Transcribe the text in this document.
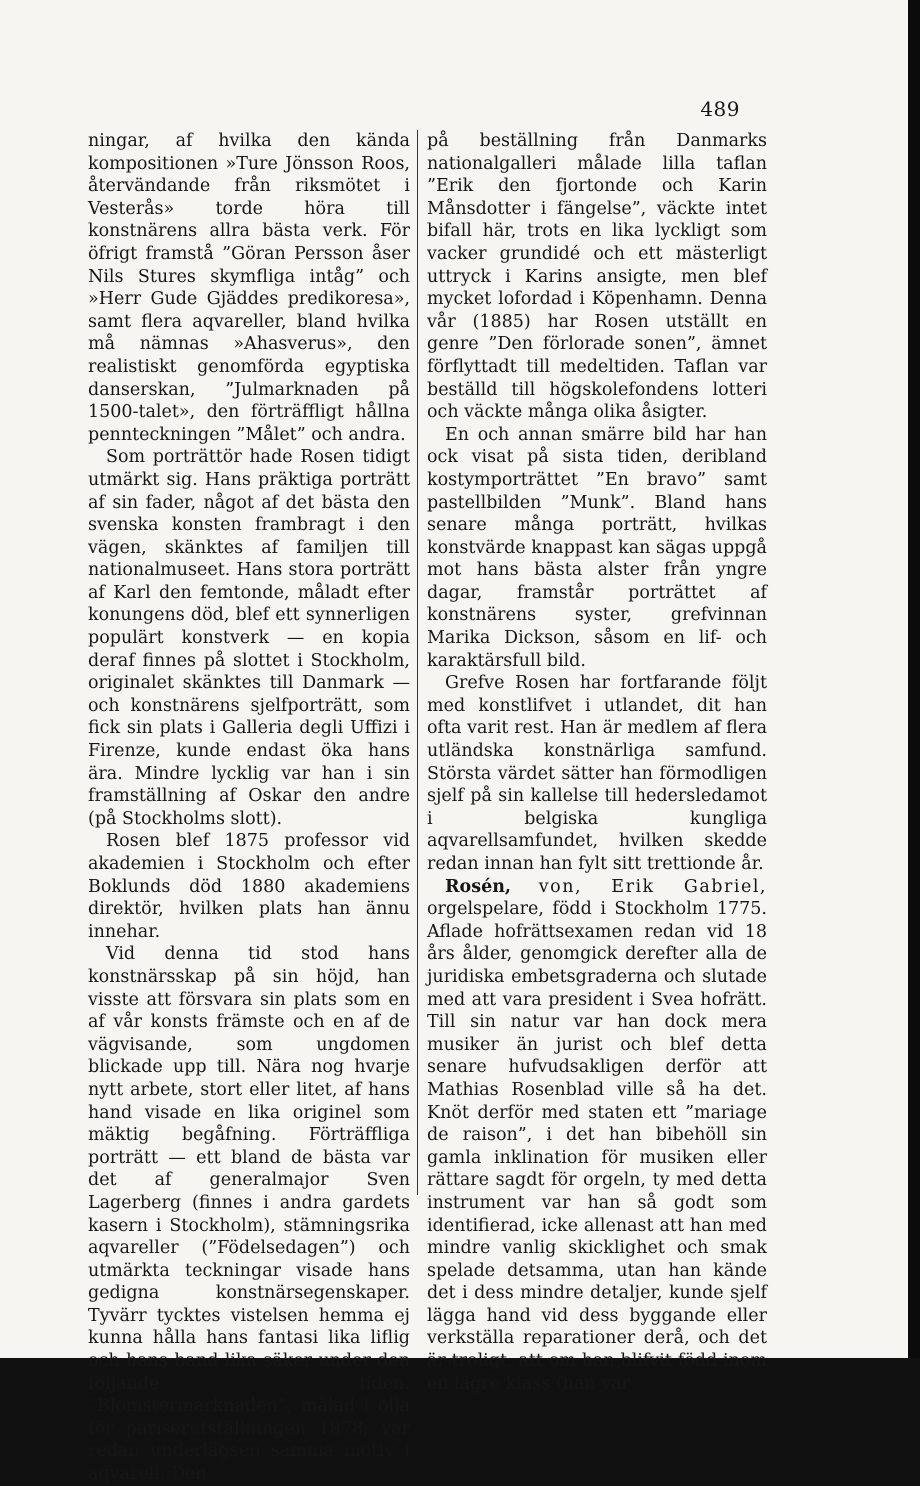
489

ningar, af hvilka den kända kompositionen »Ture Jönsson Roos, återvändande från riksmötet i Vesterås» torde höra till konstnärens allra bästa verk. För öfrigt framstå ”Göran Persson åser Nils Stures skymfliga intåg” och »Herr Gude Gjäddes predikoresa», samt flera aqvareller, bland hvilka må nämnas »Ahasverus», den realistiskt genomförda egyptiska danserskan, ”Julmarknaden på 1500-talet», den förträffligt hållna pennteckningen ”Målet” och andra.

Som porträttör hade Rosen tidigt utmärkt sig. Hans präktiga porträtt af sin fader, något af det bästa den svenska konsten frambragt i den vägen, skänktes af familjen till nationalmuseet. Hans stora porträtt af Karl den femtonde, måladt efter konungens död, blef ett synnerligen populärt konstverk — en kopia deraf finnes på slottet i Stockholm, originalet skänktes till Danmark — och konstnärens sjelfporträtt, som fick sin plats i Galleria degli Uffizi i Firenze, kunde endast öka hans ära. Mindre lycklig var han i sin framställning af Oskar den andre (på Stockholms slott).

Rosen blef 1875 professor vid akademien i Stockholm och efter Boklunds död 1880 akademiens direktör, hvilken plats han ännu innehar.

Vid denna tid stod hans konstnärsskap på sin höjd, han visste att försvara sin plats som en af vår konsts främste och en af de vägvisande, som ungdomen blickade upp till. Nära nog hvarje nytt arbete, stort eller litet, af hans hand visade en lika originel som mäktig begåfning. Förträffliga porträtt — ett bland de bästa var det af generalmajor Sven Lagerberg (finnes i andra gardets kasern i Stockholm), stämningsrika aqvareller (”Födelsedagen”) och utmärkta teckningar visade hans gedigna konstnärsegenskaper. Tyvärr tycktes vistelsen hemma ej kunna hålla hans fantasi lika liflig och hans hand lika säker under den följande tiden. ”Blomstermarknaden”, målad i olja för pariserutställningen 1878, var redan underlägsen samma motiv i aqvarell. Den

på beställning från Danmarks nationalgalleri målade lilla taflan ”Erik den fjortonde och Karin Månsdotter i fängelse”, väckte intet bifall här, trots en lika lyckligt som vacker grundidé och ett mästerligt uttryck i Karins ansigte, men blef mycket lofordad i Köpenhamn. Denna vår (1885) har Rosen utställt en genre ”Den förlorade sonen”, ämnet förflyttadt till medeltiden. Taflan var beställd till högskolefondens lotteri och väckte många olika åsigter.

En och annan smärre bild har han ock visat på sista tiden, deribland kostymporträttet ”En bravo” samt pastellbilden ”Munk”. Bland hans senare många porträtt, hvilkas konstvärde knappast kan sägas uppgå mot hans bästa alster från yngre dagar, framstår porträttet af konstnärens syster, grefvinnan Marika Dickson, såsom en lif- och karaktärsfull bild.

Grefve Rosen har fortfarande följt med konstlifvet i utlandet, dit han ofta varit rest. Han är medlem af flera utländska konstnärliga samfund. Största värdet sätter han förmodligen sjelf på sin kallelse till hedersledamot i belgiska kungliga aqvarellsamfundet, hvilken skedde redan innan han fylt sitt trettionde år.

Rosén, von, Erik Gabriel, orgelspelare, född i Stockholm 1775. Aflade hofrättsexamen redan vid 18 års ålder, genomgick derefter alla de juridiska embetsgraderna och slutade med att vara president i Svea hofrätt. Till sin natur var han dock mera musiker än jurist och blef detta senare hufvudsakligen derför att Mathias Rosenblad ville så ha det. Knöt derför med staten ett ”mariage de raison”, i det han bibehöll sin gamla inklination för musiken eller rättare sagdt för orgeln, ty med detta instrument var han så godt som identifierad, icke allenast att han med mindre vanlig skicklighet och smak spelade detsamma, utan han kände det i dess mindre detaljer, kunde sjelf lägga hand vid dess byggande eller verkställa reparationer derå, och det är troligt, att om han blifvit född inom en lägre klass (han var
